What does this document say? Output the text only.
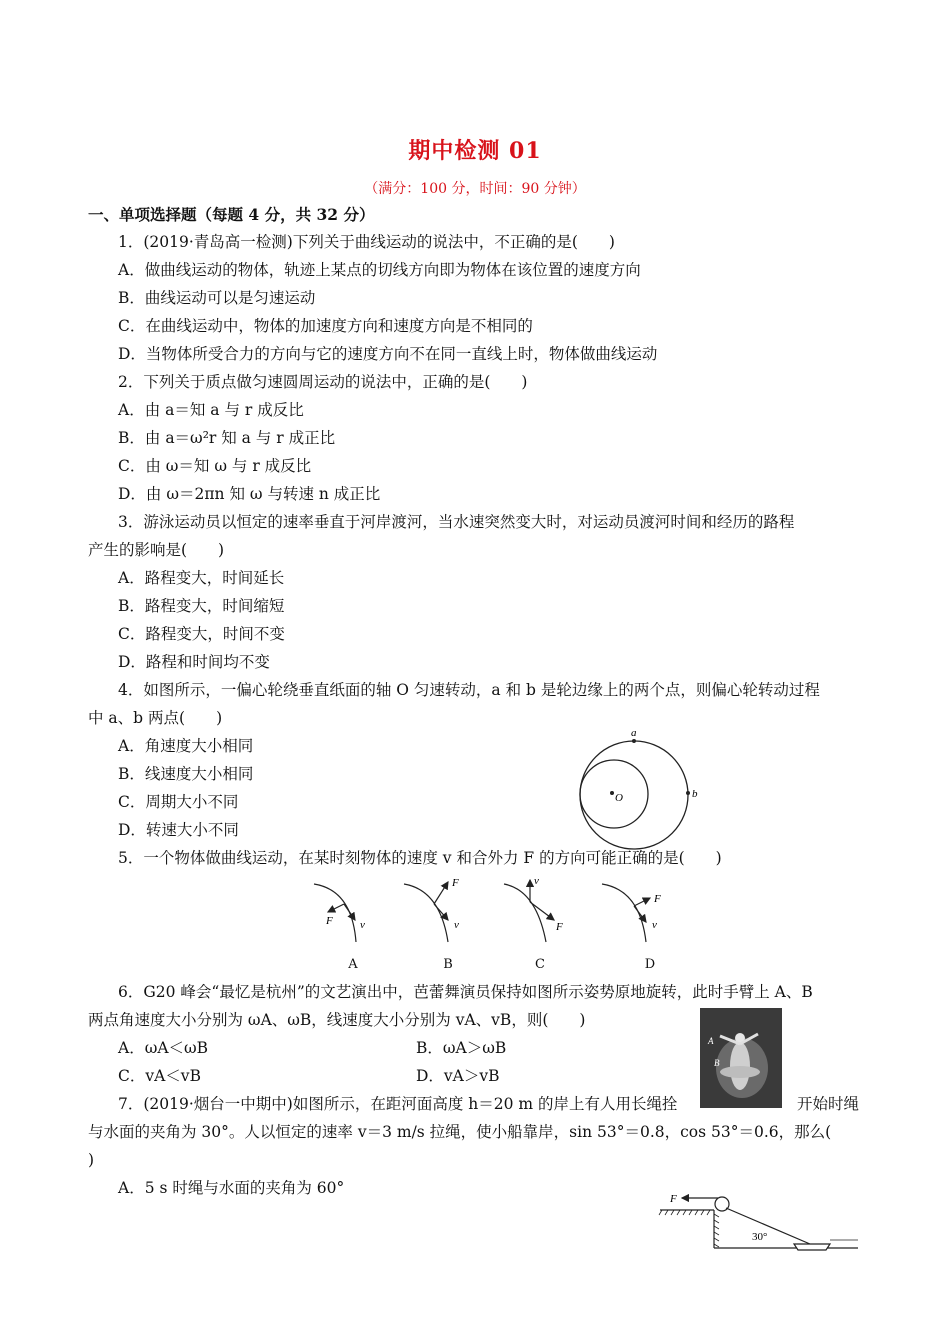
期中检测 01
（满分：100 分，时间：90 分钟）
一、单项选择题（每题 4 分，共 32 分）
1．(2019·青岛高一检测)下列关于曲线运动的说法中，不正确的是(　　)
A．做曲线运动的物体，轨迹上某点的切线方向即为物体在该位置的速度方向
B．曲线运动可以是匀速运动
C．在曲线运动中，物体的加速度方向和速度方向是不相同的
D．当物体所受合力的方向与它的速度方向不在同一直线上时，物体做曲线运动
2．下列关于质点做匀速圆周运动的说法中，正确的是(　　)
A．由 a＝知 a 与 r 成反比
B．由 a＝ω²r 知 a 与 r 成正比
C．由 ω＝知 ω 与 r 成反比
D．由 ω＝2πn 知 ω 与转速 n 成正比
3．游泳运动员以恒定的速率垂直于河岸渡河，当水速突然变大时，对运动员渡河时间和经历的路程
产生的影响是(　　)
A．路程变大，时间延长
B．路程变大，时间缩短
C．路程变大，时间不变
D．路程和时间均不变
4．如图所示，一偏心轮绕垂直纸面的轴 O 匀速转动，a 和 b 是轮边缘上的两个点，则偏心轮转动过程
中 a、b 两点(　　)
A．角速度大小相同
B．线速度大小相同
C．周期大小不同
D．转速大小不同
a
b
O
5．一个物体做曲线运动，在某时刻物体的速度 v 和合外力 F 的方向可能正确的是(　　)
F v
F
v
v
F
F
v
A	B	C	D
6．G20 峰会“最忆是杭州”的文艺演出中，芭蕾舞演员保持如图所示姿势原地旋转，此时手臂上 A、B
两点角速度大小分别为 ωA、ωB，线速度大小分别为 vA、vB，则(　　)
A．ωA＜ωB	B．ωA＞ωB
C．vA＜vB	D．vA＞vB
A
B
7．(2019·烟台一中期中)如图所示，在距河面高度 h＝20 m 的岸上有人用长绳拴	开始时绳
与水面的夹角为 30°。人以恒定的速率 v＝3 m/s 拉绳，使小船靠岸，sin 53°＝0.8，cos 53°＝0.6，那么(
)
A．5 s 时绳与水面的夹角为 60°
F
30°
